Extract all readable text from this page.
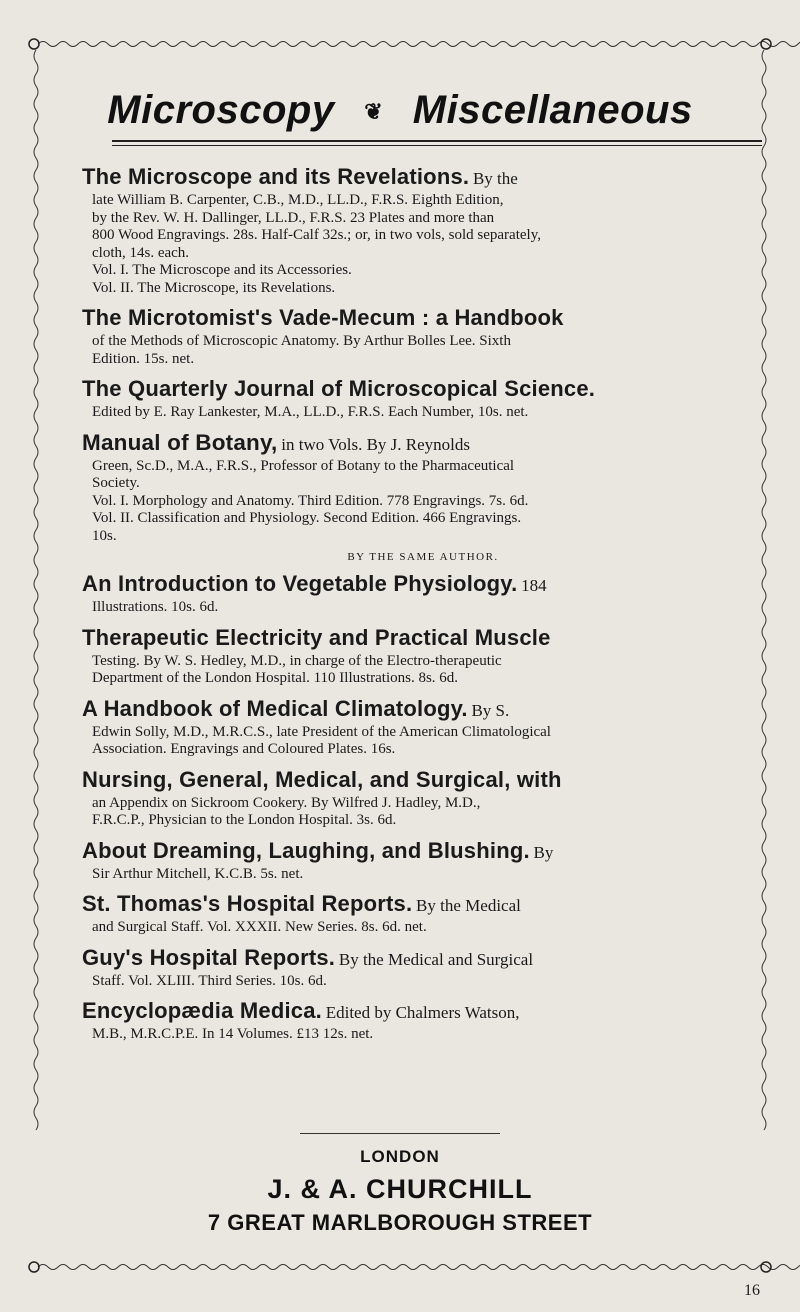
Microscopy ❦ Miscellaneous
The Microscope and its Revelations. By the
late William B. Carpenter, C.B., M.D., LL.D., F.R.S. Eighth Edition,
by the Rev. W. H. Dallinger, LL.D., F.R.S. 23 Plates and more than
800 Wood Engravings. 28s. Half-Calf 32s.; or, in two vols, sold separately,
cloth, 14s. each.
Vol. I. The Microscope and its Accessories.
Vol. II. The Microscope, its Revelations.
The Microtomist's Vade-Mecum : a Handbook
of the Methods of Microscopic Anatomy. By Arthur Bolles Lee. Sixth
Edition. 15s. net.
The Quarterly Journal of Microscopical Science.
Edited by E. Ray Lankester, M.A., LL.D., F.R.S. Each Number, 10s. net.
Manual of Botany, in two Vols. By J. Reynolds
Green, Sc.D., M.A., F.R.S., Professor of Botany to the Pharmaceutical
Society.
Vol. I. Morphology and Anatomy. Third Edition. 778 Engravings. 7s. 6d.
Vol. II. Classification and Physiology. Second Edition. 466 Engravings.
10s.
BY THE SAME AUTHOR.
An Introduction to Vegetable Physiology. 184
Illustrations. 10s. 6d.
Therapeutic Electricity and Practical Muscle
Testing. By W. S. Hedley, M.D., in charge of the Electro-therapeutic
Department of the London Hospital. 110 Illustrations. 8s. 6d.
A Handbook of Medical Climatology. By S.
Edwin Solly, M.D., M.R.C.S., late President of the American Climatological
Association. Engravings and Coloured Plates. 16s.
Nursing, General, Medical, and Surgical, with
an Appendix on Sickroom Cookery. By Wilfred J. Hadley, M.D.,
F.R.C.P., Physician to the London Hospital. 3s. 6d.
About Dreaming, Laughing, and Blushing. By
Sir Arthur Mitchell, K.C.B. 5s. net.
St. Thomas's Hospital Reports. By the Medical
and Surgical Staff. Vol. XXXII. New Series. 8s. 6d. net.
Guy's Hospital Reports. By the Medical and Surgical
Staff. Vol. XLIII. Third Series. 10s. 6d.
Encyclopædia Medica. Edited by Chalmers Watson,
M.B., M.R.C.P.E. In 14 Volumes. £13 12s. net.
LONDON
J. & A. CHURCHILL
7 GREAT MARLBOROUGH STREET
16
